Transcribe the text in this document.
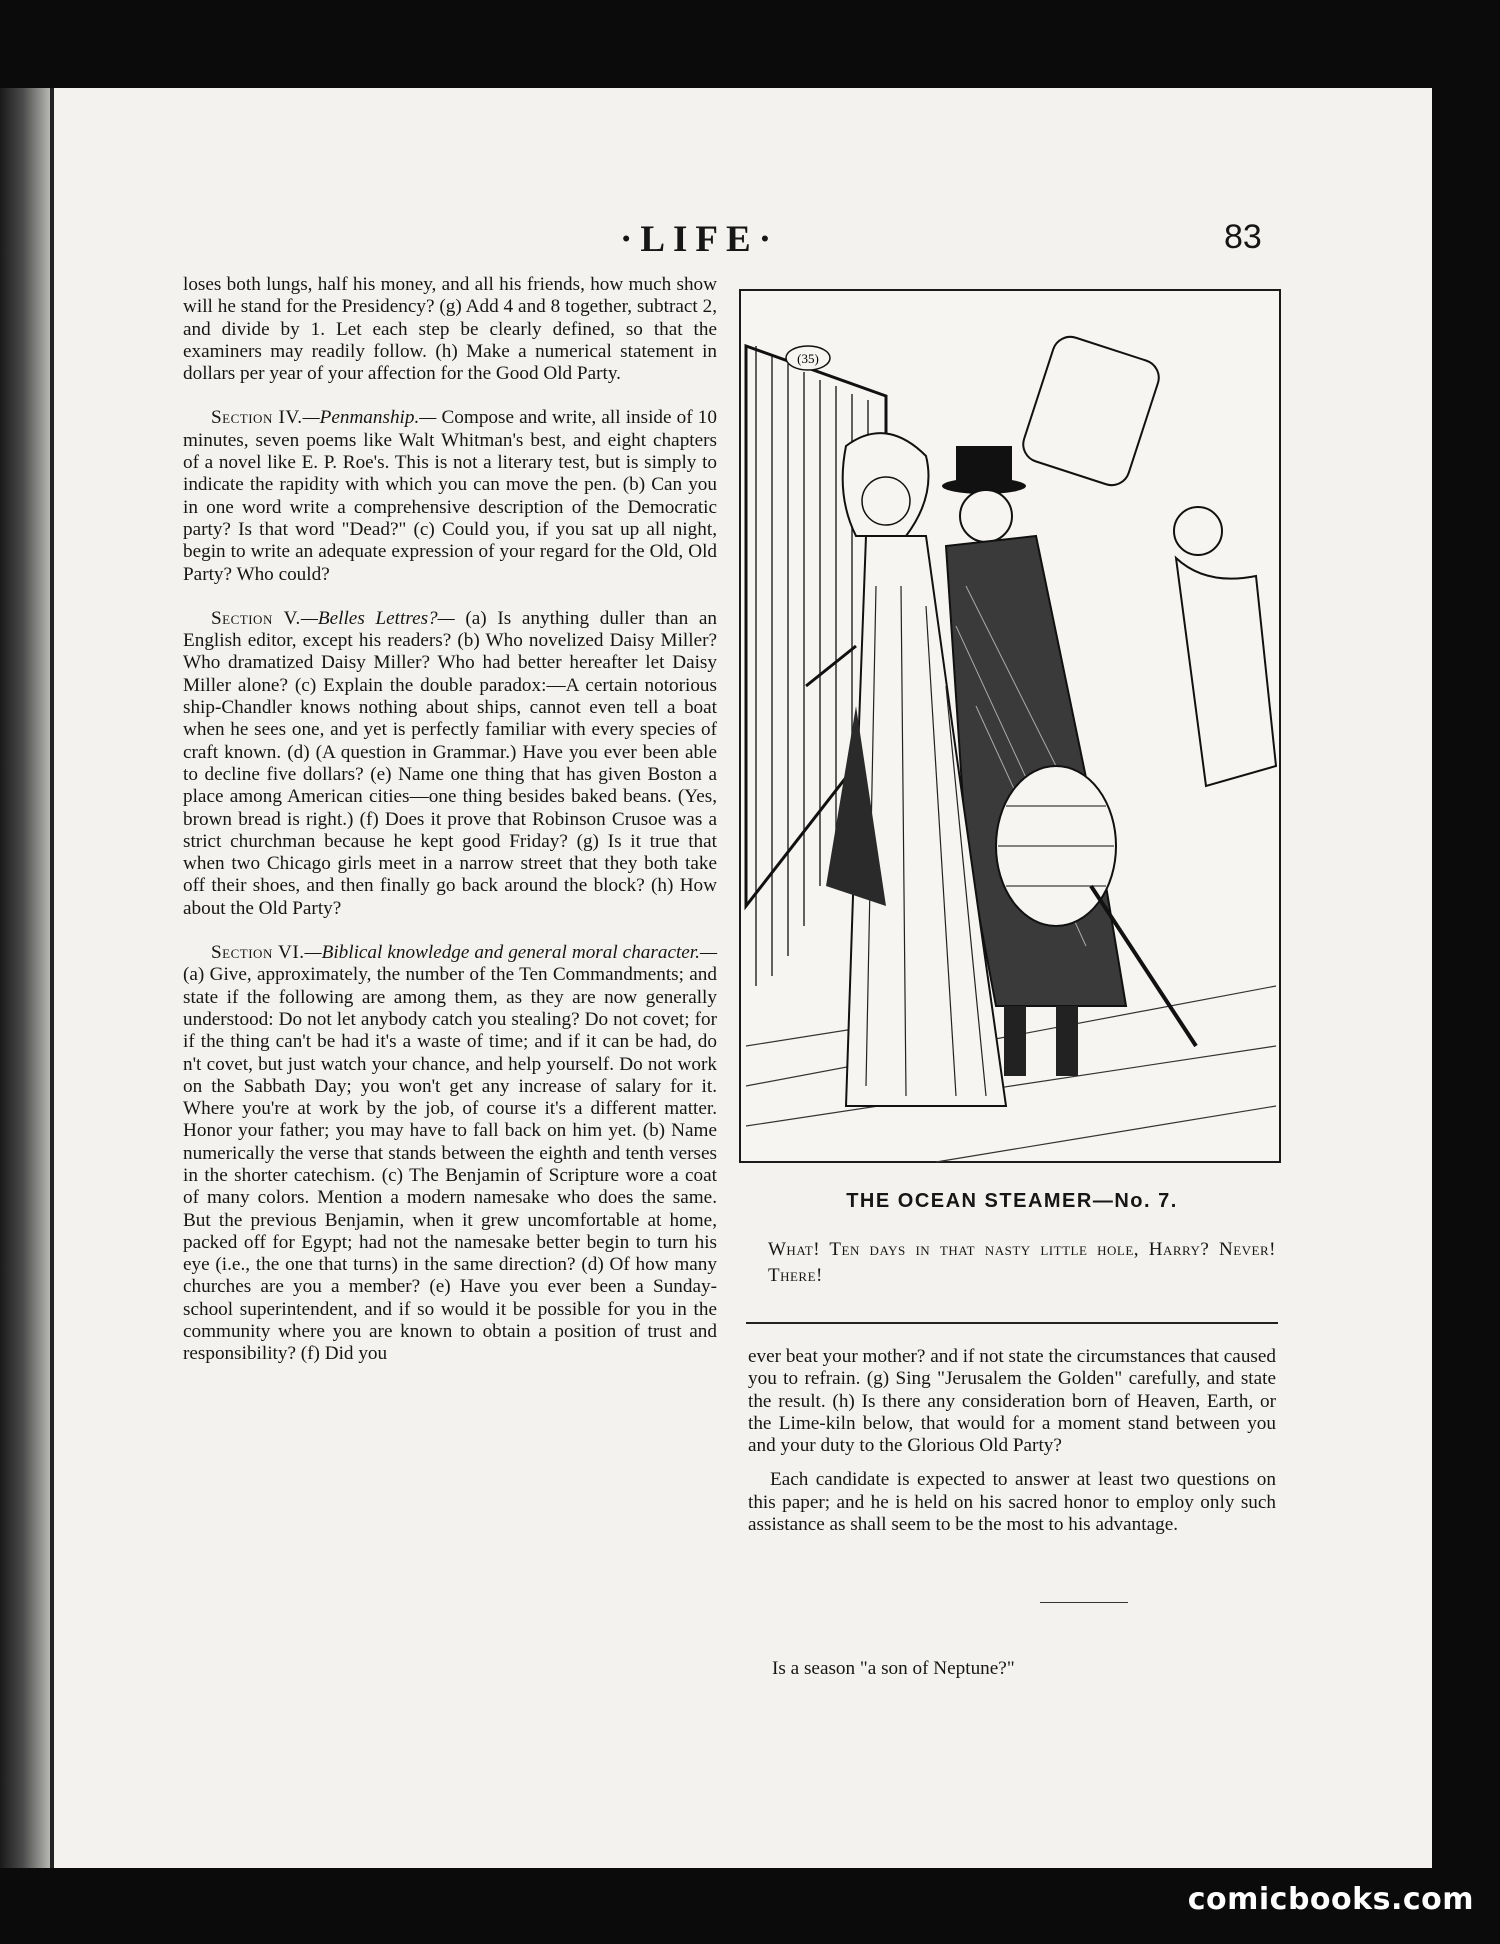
·LIFE·	83

loses both lungs, half his money, and all his friends, how much show will he stand for the Presidency? (g) Add 4 and 8 together, subtract 2, and divide by 1. Let each step be clearly defined, so that the examiners may readily follow. (h) Make a numerical statement in dollars per year of your affection for the Good Old Party.

Section IV.—Penmanship.— Compose and write, all inside of 10 minutes, seven poems like Walt Whitman's best, and eight chapters of a novel like E. P. Roe's. This is not a literary test, but is simply to indicate the rapidity with which you can move the pen. (b) Can you in one word write a comprehensive description of the Democratic party? Is that word "Dead?" (c) Could you, if you sat up all night, begin to write an adequate expression of your regard for the Old, Old Party? Who could?

Section V.—Belles Lettres?— (a) Is anything duller than an English editor, except his readers? (b) Who novelized Daisy Miller? Who dramatized Daisy Miller? Who had better hereafter let Daisy Miller alone? (c) Explain the double paradox:—A certain notorious ship-Chandler knows nothing about ships, cannot even tell a boat when he sees one, and yet is perfectly familiar with every species of craft known. (d) (A question in Grammar.) Have you ever been able to decline five dollars? (e) Name one thing that has given Boston a place among American cities—one thing besides baked beans. (Yes, brown bread is right.) (f) Does it prove that Robinson Crusoe was a strict churchman because he kept good Friday? (g) Is it true that when two Chicago girls meet in a narrow street that they both take off their shoes, and then finally go back around the block? (h) How about the Old Party?

Section VI.—Biblical knowledge and general moral character.— (a) Give, approximately, the number of the Ten Commandments; and state if the following are among them, as they are now generally understood: Do not let anybody catch you stealing? Do not covet; for if the thing can't be had it's a waste of time; and if it can be had, do n't covet, but just watch your chance, and help yourself. Do not work on the Sabbath Day; you won't get any increase of salary for it. Where you're at work by the job, of course it's a different matter. Honor your father; you may have to fall back on him yet. (b) Name numerically the verse that stands between the eighth and tenth verses in the shorter catechism. (c) The Benjamin of Scripture wore a coat of many colors. Mention a modern namesake who does the same. But the previous Benjamin, when it grew uncomfortable at home, packed off for Egypt; had not the namesake better begin to turn his eye (i.e., the one that turns) in the same direction? (d) Of how many churches are you a member? (e) Have you ever been a Sunday-school superintendent, and if so would it be possible for you in the community where you are known to obtain a position of trust and responsibility? (f) Did you

(35)
THE OCEAN STEAMER—No. 7.
What! Ten days in that nasty little hole, Harry? Never! There!

ever beat your mother? and if not state the circumstances that caused you to refrain. (g) Sing "Jerusalem the Golden" carefully, and state the result. (h) Is there any consideration born of Heaven, Earth, or the Lime-kiln below, that would for a moment stand between you and your duty to the Glorious Old Party?

Each candidate is expected to answer at least two questions on this paper; and he is held on his sacred honor to employ only such assistance as shall seem to be the most to his advantage.

Is a season "a son of Neptune?"
comicbooks.com
